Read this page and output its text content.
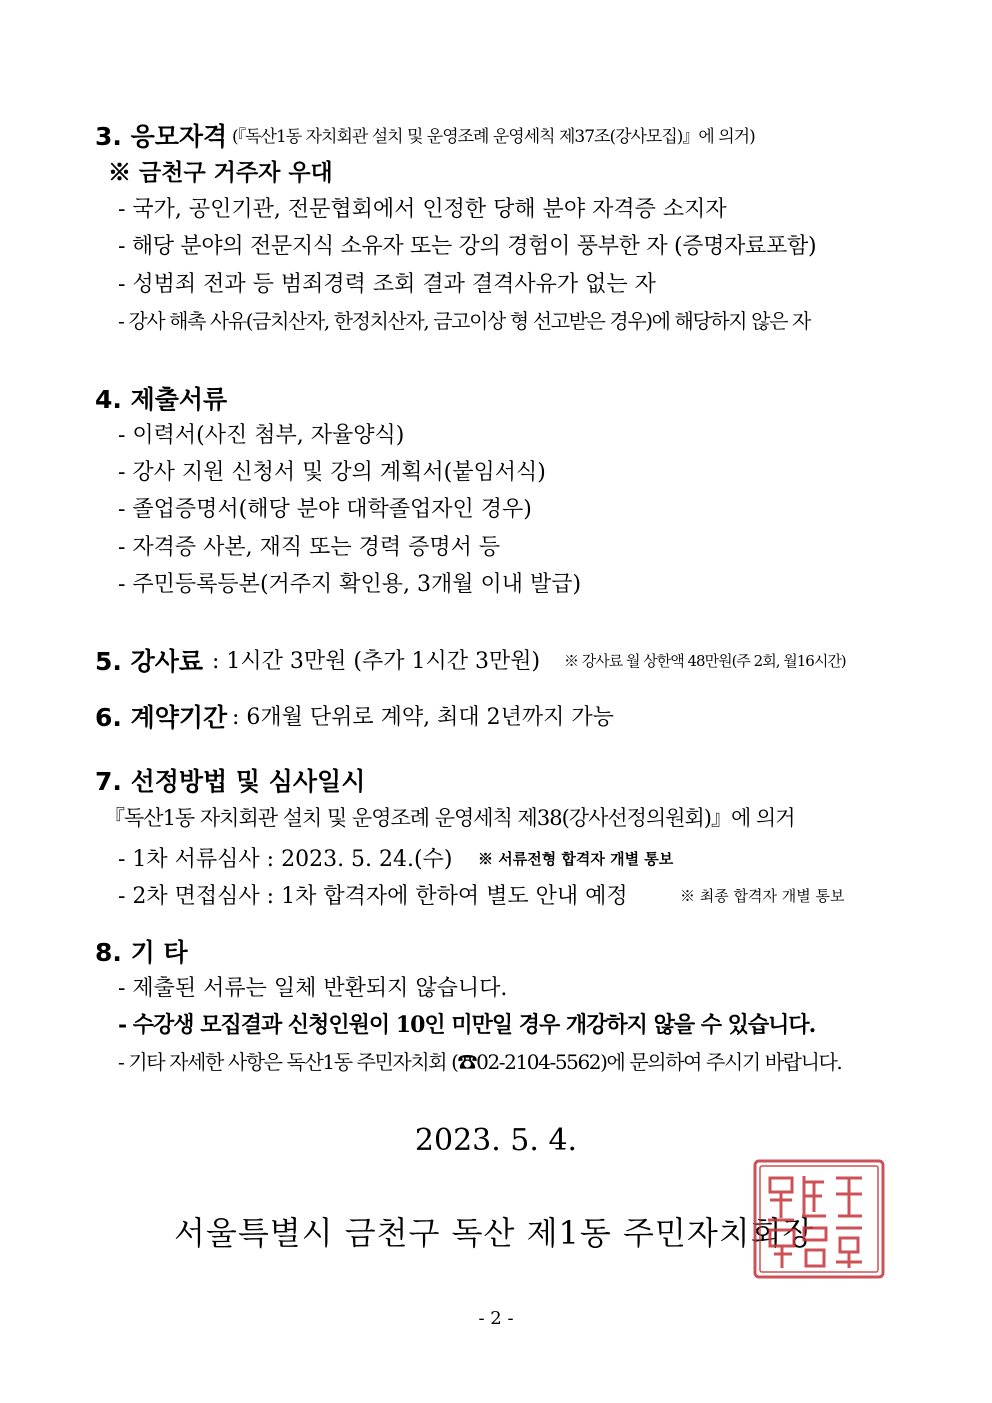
3. 응모자격 (『독산1동 자치회관 설치 및 운영조례 운영세칙 제37조(강사모집)』에 의거)
※ 금천구 거주자 우대
- 국가, 공인기관, 전문협회에서 인정한 당해 분야 자격증 소지자
- 해당 분야의 전문지식 소유자 또는 강의 경험이 풍부한 자 (증명자료포함)
- 성범죄 전과 등 범죄경력 조회 결과 결격사유가 없는 자
- 강사 해촉 사유(금치산자, 한정치산자, 금고이상 형 선고받은 경우)에 해당하지 않은 자
4. 제출서류
- 이력서(사진 첨부, 자율양식)
- 강사 지원 신청서 및 강의 계획서(붙임서식)
- 졸업증명서(해당 분야 대학졸업자인 경우)
- 자격증 사본, 재직 또는 경력 증명서 등
- 주민등록등본(거주지 확인용, 3개월 이내 발급)
5. 강사료 : 1시간 3만원 (추가 1시간 3만원) ※ 강사료 월 상한액 48만원(주 2회, 월16시간)
6. 계약기간 : 6개월 단위로 계약, 최대 2년까지 가능
7. 선정방법 및 심사일시
『독산1동 자치회관 설치 및 운영조례 운영세칙 제38(강사선정의원회)』에 의거
- 1차 서류심사 : 2023. 5. 24.(수) ※ 서류전형 합격자 개별 통보
- 2차 면접심사 : 1차 합격자에 한하여 별도 안내 예정	※ 최종 합격자 개별 통보
8. 기 타
- 제출된 서류는 일체 반환되지 않습니다.
- 수강생 모집결과 신청인원이 10인 미만일 경우 개강하지 않을 수 있습니다.
- 기타 자세한 사항은 독산1동 주민자치회 (☎02-2104-5562)에 문의하여 주시기 바랍니다.
2023. 5. 4.
서울특별시 금천구 독산 제1동 주민자치회장
- 2 -
